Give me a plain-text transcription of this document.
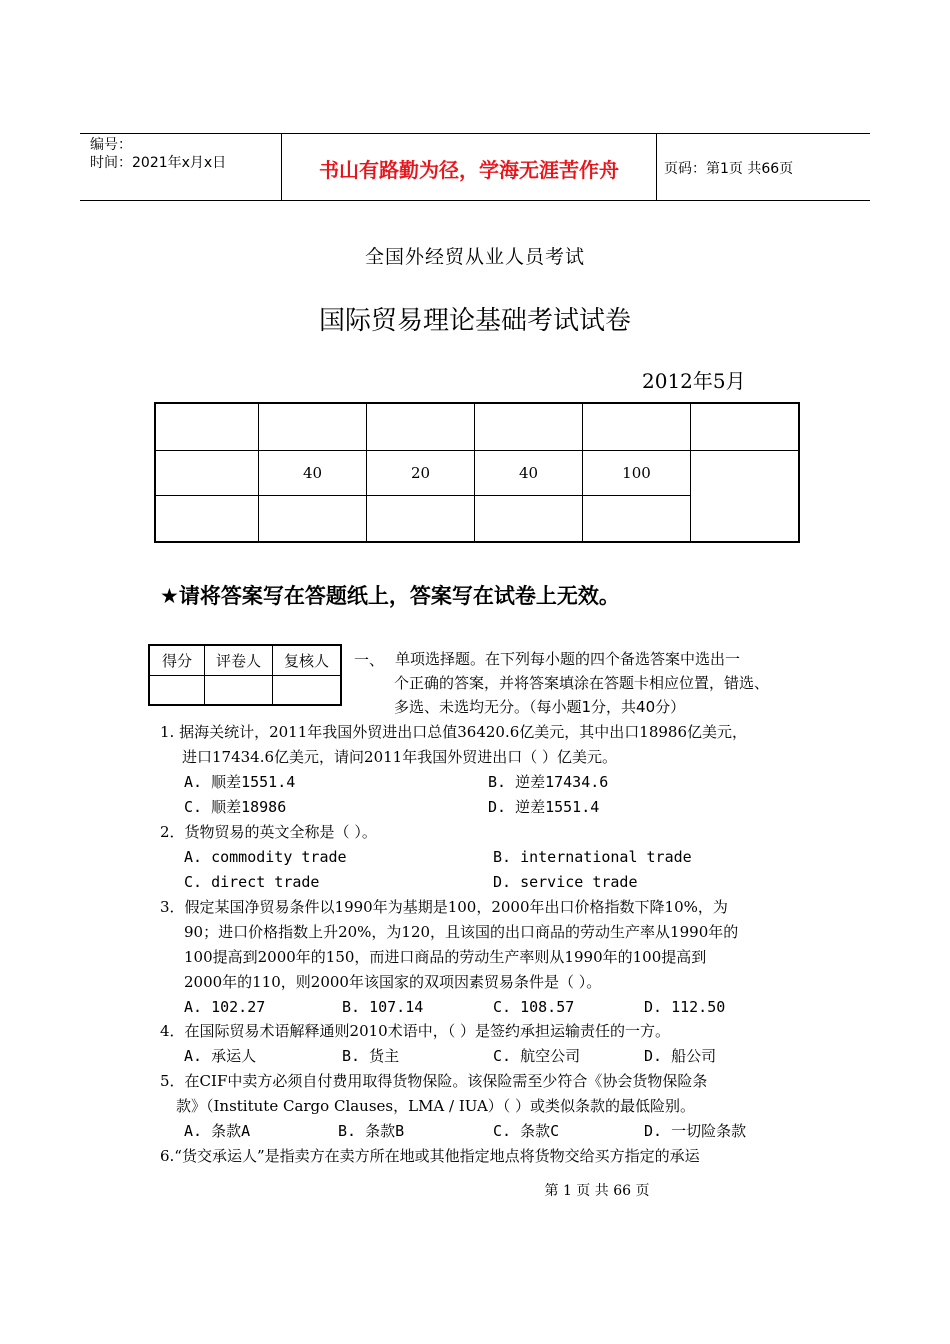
编号：
时间：2021年x月x日	书山有路勤为径，学海无涯苦作舟	页码：第1页 共66页
全国外经贸从业人员考试
国际贸易理论基础考试试卷
2012年5月

	40	20	40	100	

★请将答案写在答题纸上，答案写在试卷上无效。
得分	评卷人	复核人
		一、 单项选择题。在下列每小题的四个备选答案中选出一
个正确的答案，并将答案填涂在答题卡相应位置，错选、
多选、未选均无分。（每小题1分，共40分）
1. 据海关统计，2011年我国外贸进出口总值36420.6亿美元，其中出口18986亿美元，
进口17434.6亿美元，请问2011年我国外贸进出口（ ）亿美元。
A. 顺差1551.4	B. 逆差17434.6
C. 顺差18986	D. 逆差1551.4
2．货物贸易的英文全称是（ ）。
A. commodity trade	B. international trade
C. direct trade	D. service trade
3．假定某国净贸易条件以1990年为基期是100，2000年出口价格指数下降10%，为
90；进口价格指数上升20%，为120，且该国的出口商品的劳动生产率从1990年的
100提高到2000年的150，而进口商品的劳动生产率则从1990年的100提高到
2000年的110，则2000年该国家的双项因素贸易条件是（ ）。
A. 102.27	B. 107.14	C. 108.57	D. 112.50
4．在国际贸易术语解释通则2010术语中，（ ）是签约承担运输责任的一方。
A. 承运人	B. 货主	C. 航空公司	D. 船公司
5．在CIF中卖方必须自付费用取得货物保险。该保险需至少符合《协会货物保险条
款》（Institute Cargo Clauses，LMA / IUA）（ ）或类似条款的最低险别。
A. 条款A	B. 条款B	C. 条款C	D. 一切险条款
6.“货交承运人”是指卖方在卖方所在地或其他指定地点将货物交给买方指定的承运
第 1 页 共 66 页
